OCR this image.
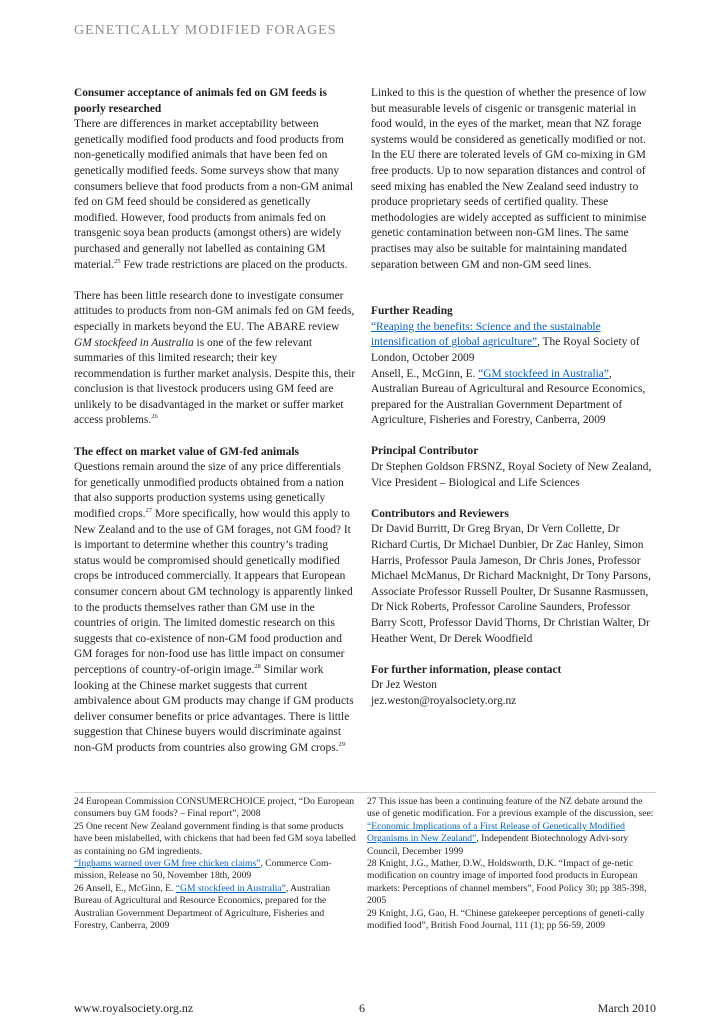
GENETICALLY MODIFIED FORAGES
Consumer acceptance of animals fed on GM feeds is poorly researched

There are differences in market acceptability between genetically modified food products and food products from non-genetically modified animals that have been fed on genetically modified feeds. Some surveys show that many consumers believe that food products from a non-GM animal fed on GM feed should be considered as genetically modified. However, food products from animals fed on transgenic soya bean products (amongst others) are widely purchased and generally not labelled as containing GM material.$^{25}$ Few trade restrictions are placed on the products.

There has been little research done to investigate consumer attitudes to products from non-GM animals fed on GM feeds, especially in markets beyond the EU. The ABARE review GM stockfeed in Australia is one of the few relevant summaries of this limited research; their key recommendation is further market analysis. Despite this, their conclusion is that livestock producers using GM feed are unlikely to be disadvantaged in the market or suffer market access problems.$^{26}$

The effect on market value of GM-fed animals

Questions remain around the size of any price differentials for genetically unmodified products obtained from a nation that also supports production systems using genetically modified crops.$^{27}$ More specifically, how would this apply to New Zealand and to the use of GM forages, not GM food? It is important to determine whether this country’s trading status would be compromised should genetically modified crops be introduced commercially. It appears that European consumer concern about GM technology is apparently linked to the products themselves rather than GM use in the countries of origin. The limited domestic research on this suggests that co-existence of non-GM food production and GM forages for non-food use has little impact on consumer perceptions of country-of-origin image.$^{28}$ Similar work looking at the Chinese market suggests that current ambivalence about GM products may change if GM products deliver consumer benefits or price advantages. There is little suggestion that Chinese buyers would discriminate against non-GM products from countries also growing GM crops.$^{29}$

Linked to this is the question of whether the presence of low but measurable levels of cisgenic or transgenic material in food would, in the eyes of the market, mean that NZ forage systems would be considered as genetically modified or not. In the EU there are tolerated levels of GM co-mixing in GM free products. Up to now separation distances and control of seed mixing has enabled the New Zealand seed industry to produce proprietary seeds of certified quality. These methodologies are widely accepted as sufficient to minimise genetic contamination between non-GM lines. The same practises may also be suitable for maintaining mandated separation between GM and non-GM seed lines.

Further Reading
“Reaping the benefits: Science and the sustainable intensification of global agriculture”, The Royal Society of London, October 2009

Ansell, E., McGinn, E. “GM stockfeed in Australia”, Australian Bureau of Agricultural and Resource Economics, prepared for the Australian Government Department of Agriculture, Fisheries and Forestry, Canberra, 2009

Principal Contributor

Dr Stephen Goldson FRSNZ, Royal Society of New Zealand, Vice President – Biological and Life Sciences

Contributors and Reviewers

Dr David Burritt, Dr Greg Bryan, Dr Vern Collette, Dr Richard Curtis, Dr Michael Dunbier, Dr Zac Hanley, Simon Harris, Professor Paula Jameson, Dr Chris Jones, Professor Michael McManus, Dr Richard Macknight, Dr Tony Parsons, Associate Professor Russell Poulter, Dr Susanne Rasmussen, Dr Nick Roberts, Professor Caroline Saunders, Professor Barry Scott, Professor David Thorns, Dr Christian Walter, Dr Heather Went, Dr Derek Woodfield

For further information, please contact
Dr Jez Weston
jez.weston@royalsociety.org.nz
24 European Commission CONSUMERCHOICE project, “Do European consumers buy GM foods? – Final report”, 2008
25 One recent New Zealand government finding is that some products have been mislabelled, with chickens that had been fed GM soya labelled as containing no GM ingredients.
“Inghams warned over GM free chicken claims”, Commerce Com-mission, Release no 50, November 18th, 2009
26 Ansell, E., McGinn, E. “GM stockfeed in Australia”, Australian Bureau of Agricultural and Resource Economics, prepared for the Australian Government Department of Agriculture, Fisheries and Forestry, Canberra, 2009
27 This issue has been a continuing feature of the NZ debate around the use of genetic modification. For a previous example of the discussion, see:
“Economic Implications of a First Release of Genetically Modified Organisms in New Zealand”, Independent Biotechnology Advi-sory Council, December 1999
28 Knight, J.G., Mather, D.W., Holdsworth, D.K. “Impact of ge-netic modification on country image of imported food products in European markets: Perceptions of channel members”, Food Policy 30; pp 385-398, 2005
29 Knight, J.G, Gao, H. “Chinese gatekeeper perceptions of geneti-cally modified food”, British Food Journal, 111 (1); pp 56-59, 2009
www.royalsociety.org.nz	6	March 2010
